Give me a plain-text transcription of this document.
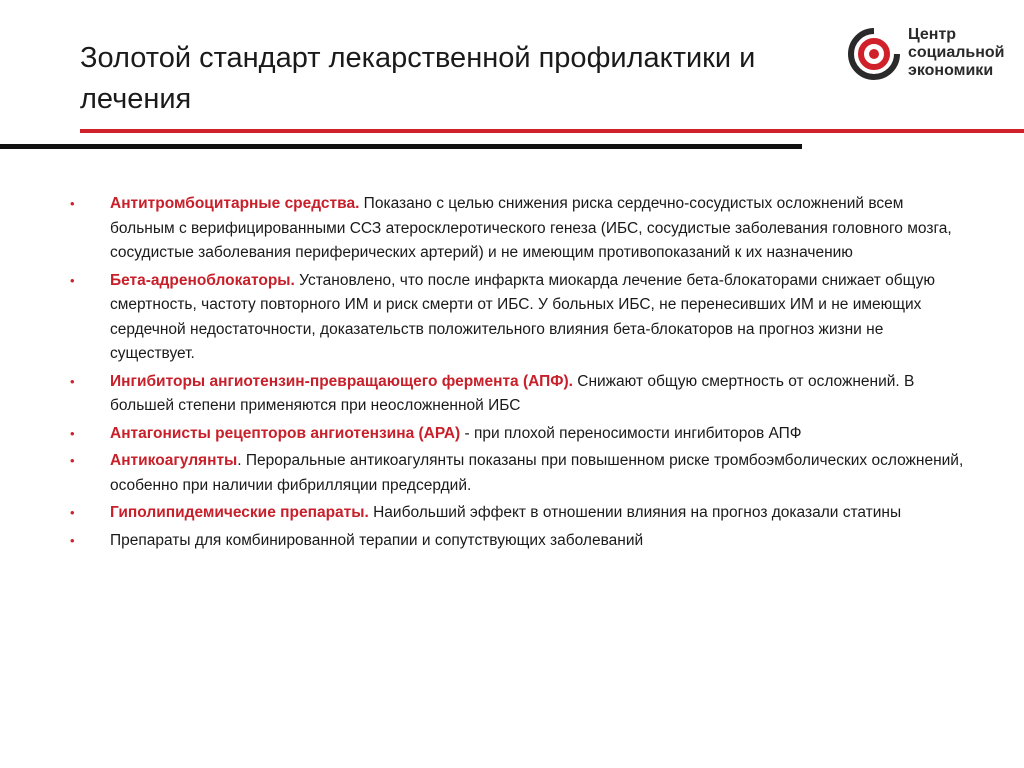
Золотой стандарт лекарственной профилактики и лечения
Центр
социальной
экономики
•	Антитромбоцитарные средства. Показано с целью снижения риска сердечно-сосудистых осложнений всем больным с верифицированными ССЗ атеросклеротического генеза (ИБС, сосудистые заболевания головного мозга, сосудистые заболевания периферических артерий) и не имеющим противопоказаний к их назначению
•	Бета-адреноблокаторы. Установлено, что после инфаркта миокарда лечение бета-блокаторами снижает общую смертность, частоту повторного ИМ и риск смерти от ИБС. У больных ИБС, не перенесивших ИМ и не имеющих сердечной недостаточности, доказательств положительного влияния бета-блокаторов на прогноз жизни не существует.
•	Ингибиторы ангиотензин-превращающего фермента (АПФ). Снижают общую смертность от осложнений. В большей степени применяются при неосложненной ИБС
•	Антагонисты рецепторов ангиотензина (АРА) - при плохой переносимости ингибиторов АПФ
•	Антикоагулянты. Пероральные антикоагулянты показаны при повышенном риске тромбоэмболических осложнений, особенно при наличии фибрилляции предсердий.
•	Гиполипидемические препараты. Наибольший эффект в отношении влияния на прогноз доказали статины
•	Препараты для комбинированной терапии и сопутствующих заболеваний
